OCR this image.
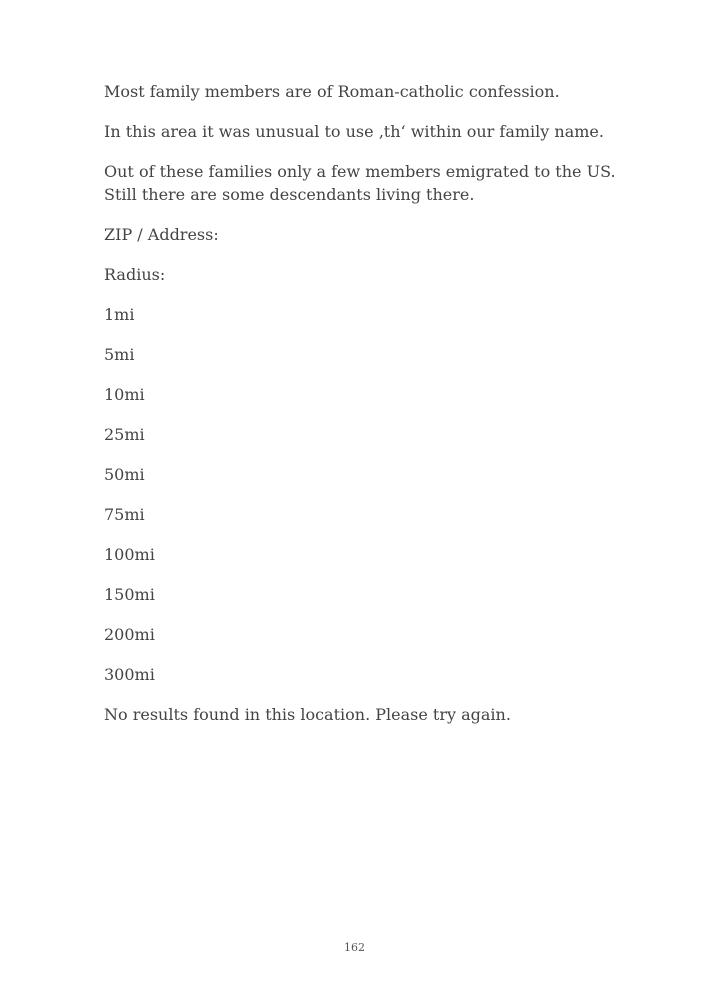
Most family members are of Roman-catholic confession.

In this area it was unusual to use ‚th‘ within our family name.

Out of these families only a few members emigrated to the US.
Still there are some descendants living there.

ZIP / Address:

Radius:

1mi
5mi
10mi
25mi
50mi
75mi
100mi
150mi
200mi
300mi

No results found in this location. Please try again.

162
